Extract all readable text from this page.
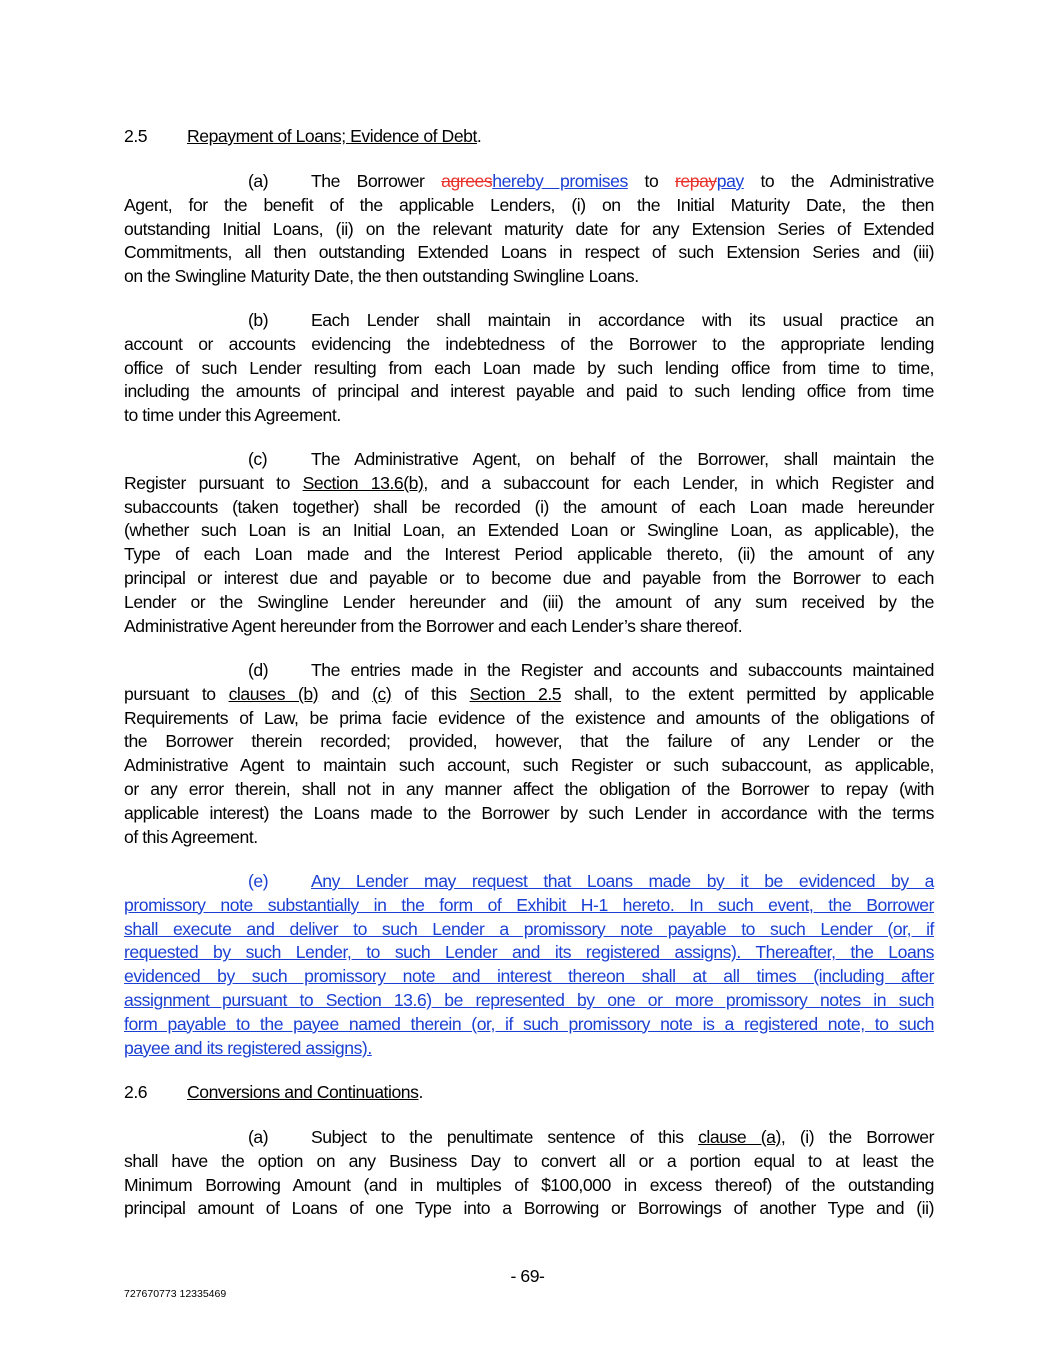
2.5 Repayment of Loans; Evidence of Debt.
(a) The Borrower agreeshereby promises to repaypay to the Administrative
Agent, for the benefit of the applicable Lenders, (i) on the Initial Maturity Date, the then
outstanding Initial Loans, (ii) on the relevant maturity date for any Extension Series of Extended
Commitments, all then outstanding Extended Loans in respect of such Extension Series and (iii)
on the Swingline Maturity Date, the then outstanding Swingline Loans.
(b) Each Lender shall maintain in accordance with its usual practice an
account or accounts evidencing the indebtedness of the Borrower to the appropriate lending
office of such Lender resulting from each Loan made by such lending office from time to time,
including the amounts of principal and interest payable and paid to such lending office from time
to time under this Agreement.
(c) The Administrative Agent, on behalf of the Borrower, shall maintain the
Register pursuant to Section 13.6(b), and a subaccount for each Lender, in which Register and
subaccounts (taken together) shall be recorded (i) the amount of each Loan made hereunder
(whether such Loan is an Initial Loan, an Extended Loan or Swingline Loan, as applicable), the
Type of each Loan made and the Interest Period applicable thereto, (ii) the amount of any
principal or interest due and payable or to become due and payable from the Borrower to each
Lender or the Swingline Lender hereunder and (iii) the amount of any sum received by the
Administrative Agent hereunder from the Borrower and each Lender’s share thereof.
(d) The entries made in the Register and accounts and subaccounts maintained
pursuant to clauses (b) and (c) of this Section 2.5 shall, to the extent permitted by applicable
Requirements of Law, be prima facie evidence of the existence and amounts of the obligations of
the Borrower therein recorded; provided, however, that the failure of any Lender or the
Administrative Agent to maintain such account, such Register or such subaccount, as applicable,
or any error therein, shall not in any manner affect the obligation of the Borrower to repay (with
applicable interest) the Loans made to the Borrower by such Lender in accordance with the terms
of this Agreement.
(e) Any Lender may request that Loans made by it be evidenced by a
promissory note substantially in the form of Exhibit H-1 hereto. In such event, the Borrower
shall execute and deliver to such Lender a promissory note payable to such Lender (or, if
requested by such Lender, to such Lender and its registered assigns). Thereafter, the Loans
evidenced by such promissory note and interest thereon shall at all times (including after
assignment pursuant to Section 13.6) be represented by one or more promissory notes in such
form payable to the payee named therein (or, if such promissory note is a registered note, to such
payee and its registered assigns).
2.6 Conversions and Continuations.
(a) Subject to the penultimate sentence of this clause (a), (i) the Borrower
shall have the option on any Business Day to convert all or a portion equal to at least the
Minimum Borrowing Amount (and in multiples of $100,000 in excess thereof) of the outstanding
principal amount of Loans of one Type into a Borrowing or Borrowings of another Type and (ii)
- 69-
727670773 12335469
